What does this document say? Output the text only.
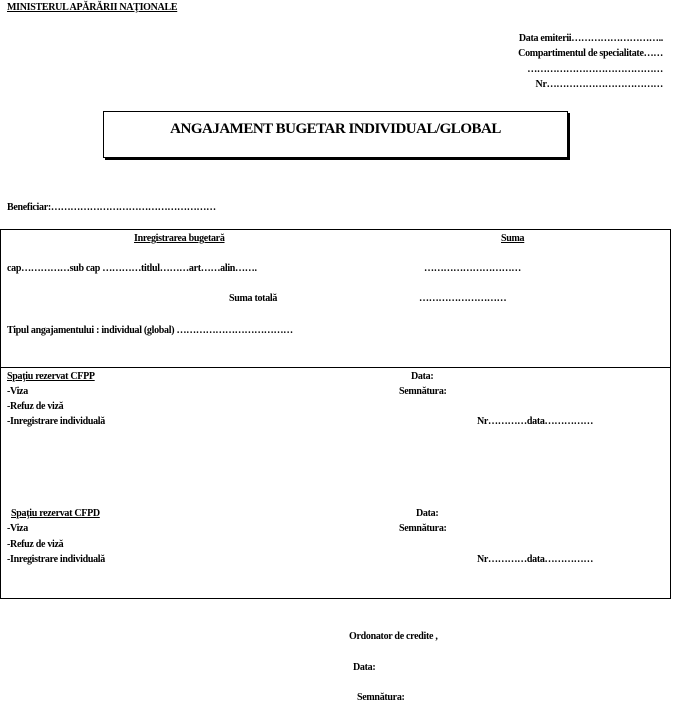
MINISTERUL APĂRĂRII NAŢIONALE
Data emiterii………………………..
Compartimentul de specialitate……
……………………………………
Nr………………………………
ANGAJAMENT BUGETAR INDIVIDUAL/GLOBAL
Beneficiar:……………………………………………
Inregistrarea bugetară	Suma
cap……………sub cap …………titlul………art……alin…….	…………………………
Suma totală	………………………
Tipul angajamentului : individual (global) ………………………………
Spaţiu rezervat CFPP	Data:
-Viza	Semnătura:
-Refuz de viză
-Inregistrare individuală	Nr…………data……………
Spaţiu rezervat CFPD	Data:
-Viza	Semnătura:
-Refuz de viză
-Inregistrare individuală	Nr…………data……………
Ordonator de credite ,
Data:
Semnătura:
